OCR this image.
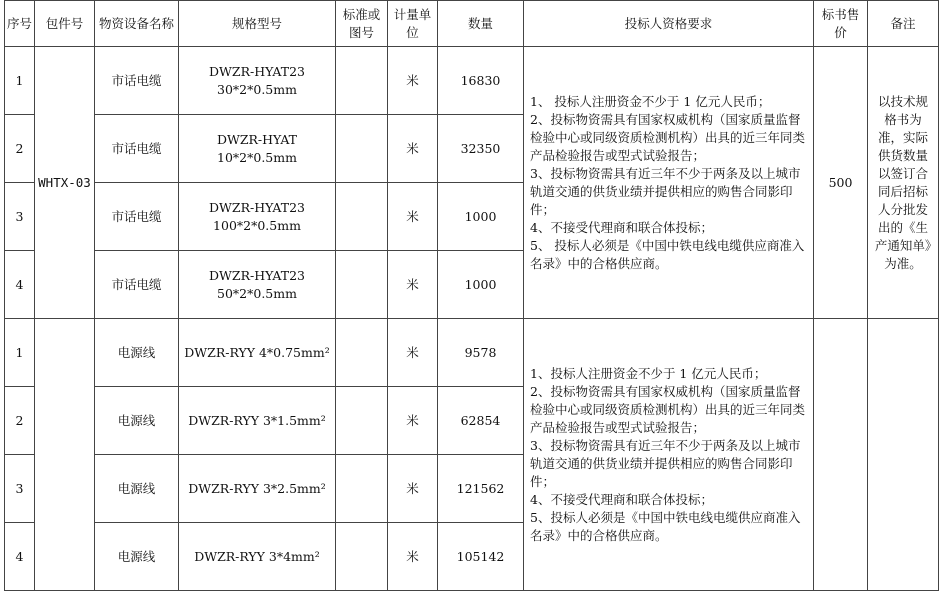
序号	包件号	物资设备名称	规格型号	标准或图号	计量单位	数量	投标人资格要求	标书售价	备注
1	WHTX-03	市话电缆	DWZR-HYAT23 30*2*0.5mm		米	16830	1、 投标人注册资金不少于 1 亿元人民币；
2、投标物资需具有国家权威机构（国家质量监督检验中心或同级资质检测机构）出具的近三年同类产品检验报告或型式试验报告；
3、投标物资需具有近三年不少于两条及以上城市轨道交通的供货业绩并提供相应的购售合同影印件；
4、不接受代理商和联合体投标；
5、 投标人必须是《中国中铁电线电缆供应商准入名录》中的合格供应商。	500	以技术规格书为准，实际供货数量以签订合同后招标人分批发出的《生产通知单》为准。
2		市话电缆	DWZR-HYAT 10*2*0.5mm		米	32350			
3		市话电缆	DWZR-HYAT23 100*2*0.5mm		米	1000			
4		市话电缆	DWZR-HYAT23 50*2*0.5mm		米	1000			
1		电源线	DWZR-RYY 4*0.75mm²		米	9578	1、投标人注册资金不少于 1 亿元人民币；
2、投标物资需具有国家权威机构（国家质量监督检验中心或同级资质检测机构）出具的近三年同类产品检验报告或型式试验报告；
3、投标物资需具有近三年不少于两条及以上城市轨道交通的供货业绩并提供相应的购售合同影印件；
4、不接受代理商和联合体投标；
5、投标人必须是《中国中铁电线电缆供应商准入名录》中的合格供应商。		

2		电源线	DWZR-RYY 3*1.5mm²		米	62854			
3		电源线	DWZR-RYY 3*2.5mm²		米	121562			
4		电源线	DWZR-RYY 3*4mm²		米	105142			
